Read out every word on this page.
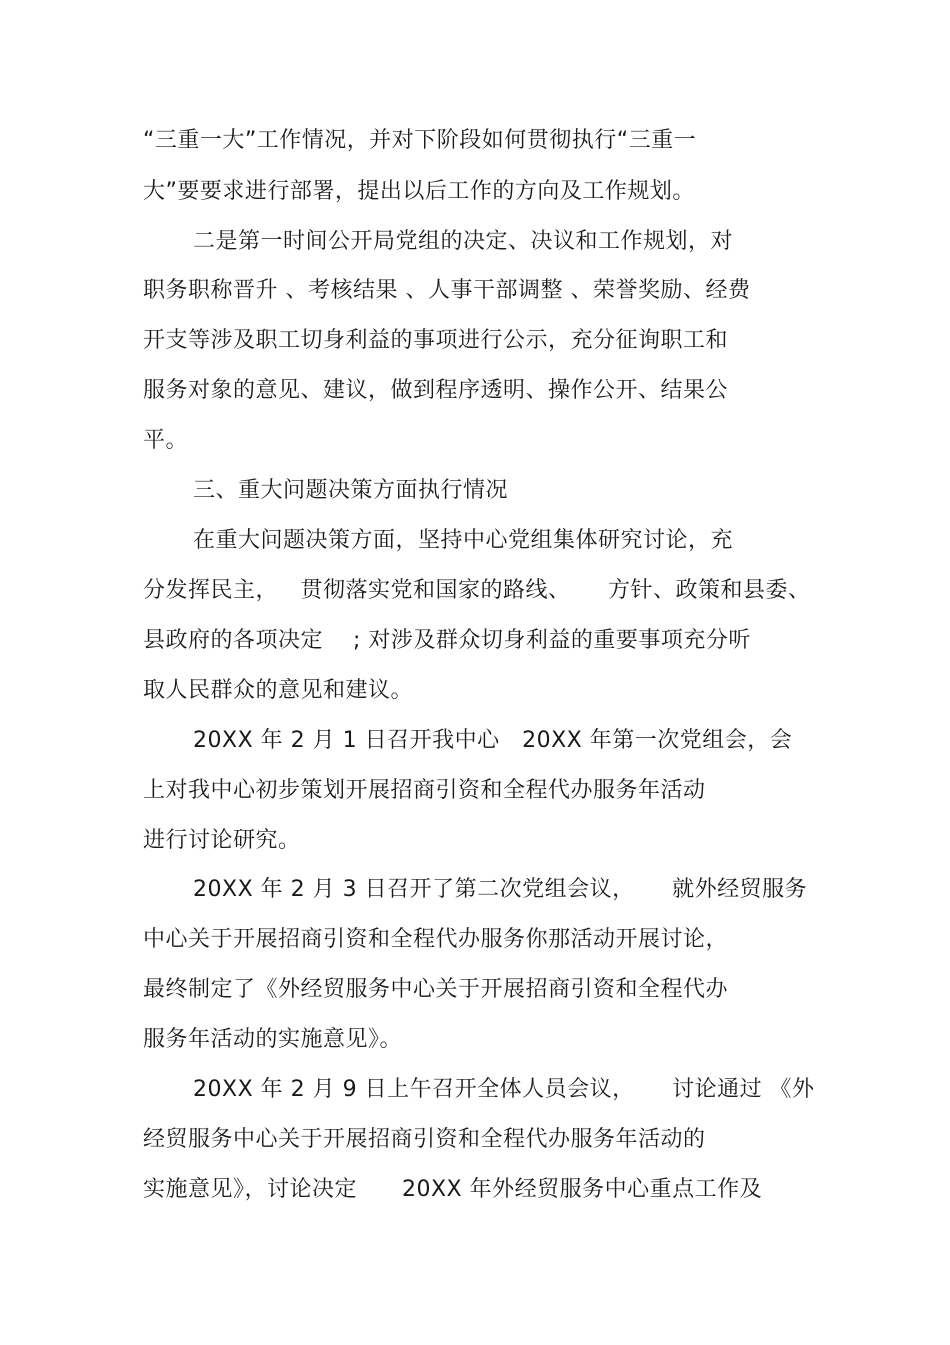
“三重一大”工作情况，并对下阶段如何贯彻执行“三重一
大”要要求进行部署，提出以后工作的方向及工作规划。
二是第一时间公开局党组的决定、决议和工作规划，对
职务职称晋升 、考核结果 、人事干部调整 、荣誉奖励、经费
开支等涉及职工切身利益的事项进行公示，充分征询职工和
服务对象的意见、建议，做到程序透明、操作公开、结果公
平。
三、重大问题决策方面执行情况
在重大问题决策方面，坚持中心党组集体研究讨论，充
分发挥民主，   贯彻落实党和国家的路线、     方针、政策和县委、
县政府的各项决定    ; 对涉及群众切身利益的重要事项充分听
取人民群众的意见和建议。
20XX 年 2 月 1 日召开我中心   20XX 年第一次党组会，会
上对我中心初步策划开展招商引资和全程代办服务年活动
进行讨论研究。
20XX 年 2 月 3 日召开了第二次党组会议，     就外经贸服务
中心关于开展招商引资和全程代办服务你那活动开展讨论，
最终制定了《外经贸服务中心关于开展招商引资和全程代办
服务年活动的实施意见》。
20XX 年 2 月 9 日上午召开全体人员会议，     讨论通过 《外
经贸服务中心关于开展招商引资和全程代办服务年活动的
实施意见》，讨论决定      20XX 年外经贸服务中心重点工作及
